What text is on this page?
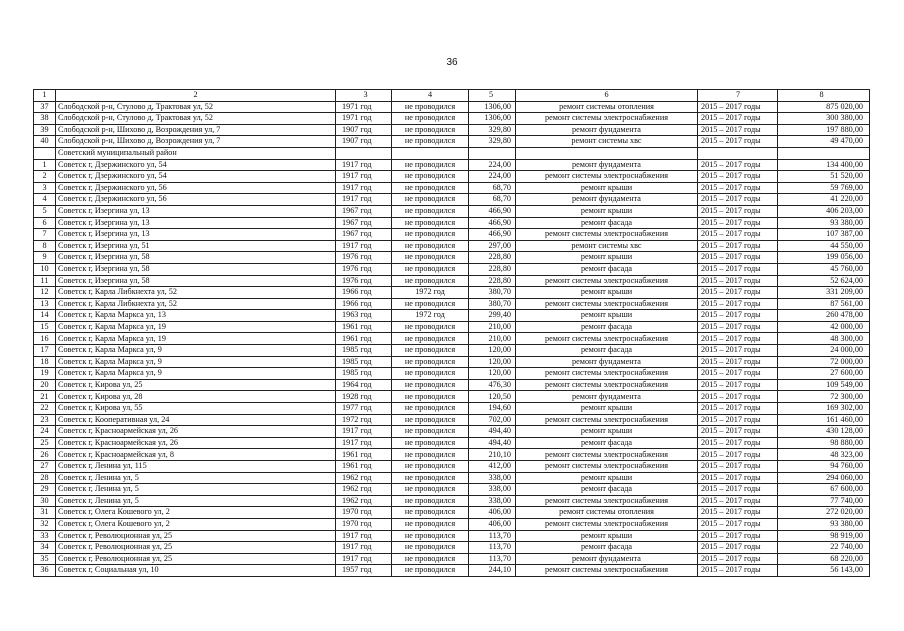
36
1	2	3	4	5	6	7	8
37	Слободской р-н, Стулово д, Трактовая ул, 52	1971 год	не проводился	1306,00	ремонт системы отопления	2015 – 2017 годы	875 020,00
38	Слободской р-н, Стулово д, Трактовая ул, 52	1971 год	не проводился	1306,00	ремонт системы электроснабжения	2015 – 2017 годы	300 380,00
39	Слободской р-н, Шихово д, Возрождения ул, 7	1907 год	не проводился	329,80	ремонт фундамента	2015 – 2017 годы	197 880,00
40	Слободской р-н, Шихово д, Возрождения ул, 7	1907 год	не проводился	329,80	ремонт системы хвс	2015 – 2017 годы	49 470,00
	Советский муниципальный район						
1	Советск г, Дзержинского ул, 54	1917 год	не проводился	224,00	ремонт фундамента	2015 – 2017 годы	134 400,00
2	Советск г, Дзержинского ул, 54	1917 год	не проводился	224,00	ремонт системы электроснабжения	2015 – 2017 годы	51 520,00
3	Советск г, Дзержинского ул, 56	1917 год	не проводился	68,70	ремонт крыши	2015 – 2017 годы	59 769,00
4	Советск г, Дзержинского ул, 56	1917 год	не проводился	68,70	ремонт фундамента	2015 – 2017 годы	41 220,00
5	Советск г, Изергина ул, 13	1967 год	не проводился	466,90	ремонт крыши	2015 – 2017 годы	406 203,00
6	Советск г, Изергина ул, 13	1967 год	не проводился	466,90	ремонт фасада	2015 – 2017 годы	93 380,00
7	Советск г, Изергина ул, 13	1967 год	не проводился	466,90	ремонт системы электроснабжения	2015 – 2017 годы	107 387,00
8	Советск г, Изергина ул, 51	1917 год	не проводился	297,00	ремонт системы хвс	2015 – 2017 годы	44 550,00
9	Советск г, Изергина ул, 58	1976 год	не проводился	228,80	ремонт крыши	2015 – 2017 годы	199 056,00
10	Советск г, Изергина ул, 58	1976 год	не проводился	228,80	ремонт фасада	2015 – 2017 годы	45 760,00
11	Советск г, Изергина ул, 58	1976 год	не проводился	228,80	ремонт системы электроснабжения	2015 – 2017 годы	52 624,00
12	Советск г, Карла Либкнехта ул, 52	1966 год	1972 год	380,70	ремонт крыши	2015 – 2017 годы	331 209,00
13	Советск г, Карла Либкнехта ул, 52	1966 год	не проводился	380,70	ремонт системы электроснабжения	2015 – 2017 годы	87 561,00
14	Советск г, Карла Маркса ул, 13	1963 год	1972 год	299,40	ремонт крыши	2015 – 2017 годы	260 478,00
15	Советск г, Карла Маркса ул, 19	1961 год	не проводился	210,00	ремонт фасада	2015 – 2017 годы	42 000,00
16	Советск г, Карла Маркса ул, 19	1961 год	не проводился	210,00	ремонт системы электроснабжения	2015 – 2017 годы	48 300,00
17	Советск г, Карла Маркса ул, 9	1985 год	не проводился	120,00	ремонт фасада	2015 – 2017 годы	24 000,00
18	Советск г, Карла Маркса ул, 9	1985 год	не проводился	120,00	ремонт фундамента	2015 – 2017 годы	72 000,00
19	Советск г, Карла Маркса ул, 9	1985 год	не проводился	120,00	ремонт системы электроснабжения	2015 – 2017 годы	27 600,00
20	Советск г, Кирова ул, 25	1964 год	не проводился	476,30	ремонт системы электроснабжения	2015 – 2017 годы	109 549,00
21	Советск г, Кирова ул, 28	1928 год	не проводился	120,50	ремонт фундамента	2015 – 2017 годы	72 300,00
22	Советск г, Кирова ул, 55	1977 год	не проводился	194,60	ремонт крыши	2015 – 2017 годы	169 302,00
23	Советск г, Кооперативная ул, 24	1972 год	не проводился	702,00	ремонт системы электроснабжения	2015 – 2017 годы	161 460,00
24	Советск г, Красноармейская ул, 26	1917 год	не проводился	494,40	ремонт крыши	2015 – 2017 годы	430 128,00
25	Советск г, Красноармейская ул, 26	1917 год	не проводился	494,40	ремонт фасада	2015 – 2017 годы	98 880,00
26	Советск г, Красноармейская ул, 8	1961 год	не проводился	210,10	ремонт системы электроснабжения	2015 – 2017 годы	48 323,00
27	Советск г, Ленина ул, 115	1961 год	не проводился	412,00	ремонт системы электроснабжения	2015 – 2017 годы	94 760,00
28	Советск г, Ленина ул, 5	1962 год	не проводился	338,00	ремонт крыши	2015 – 2017 годы	294 060,00
29	Советск г, Ленина ул, 5	1962 год	не проводился	338,00	ремонт фасада	2015 – 2017 годы	67 600,00
30	Советск г, Ленина ул, 5	1962 год	не проводился	338,00	ремонт системы электроснабжения	2015 – 2017 годы	77 740,00
31	Советск г, Олега Кошевого ул, 2	1970 год	не проводился	406,00	ремонт системы отопления	2015 – 2017 годы	272 020,00
32	Советск г, Олега Кошевого ул, 2	1970 год	не проводился	406,00	ремонт системы электроснабжения	2015 – 2017 годы	93 380,00
33	Советск г, Революционная ул, 25	1917 год	не проводился	113,70	ремонт крыши	2015 – 2017 годы	98 919,00
34	Советск г, Революционная ул, 25	1917 год	не проводился	113,70	ремонт фасада	2015 – 2017 годы	22 740,00
35	Советск г, Революционная ул, 25	1917 год	не проводился	113,70	ремонт фундамента	2015 – 2017 годы	68 220,00
36	Советск г, Социальная ул, 10	1957 год	не проводился	244,10	ремонт системы электроснабжения	2015 – 2017 годы	56 143,00
